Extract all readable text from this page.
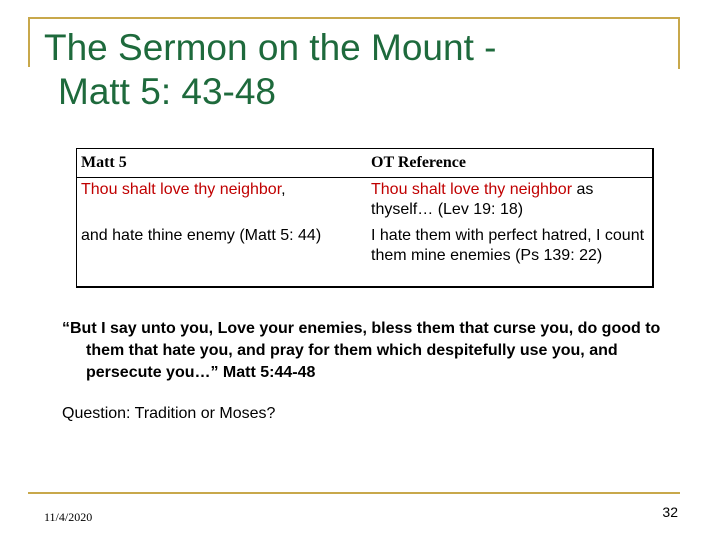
The Sermon on the Mount -
Matt 5: 43-48
Matt 5	OT Reference
Thou shalt love thy neighbor,	Thou shalt love thy neighbor as thyself… (Lev 19: 18)
and hate thine enemy (Matt 5: 44)	I hate them with perfect hatred, I count them mine enemies (Ps 139: 22)
“But I say unto you, Love your enemies, bless them that curse you, do good to them that hate you, and pray for them which despitefully use you, and persecute you…” Matt 5:44-48
Question: Tradition or Moses?
11/4/2020	32
